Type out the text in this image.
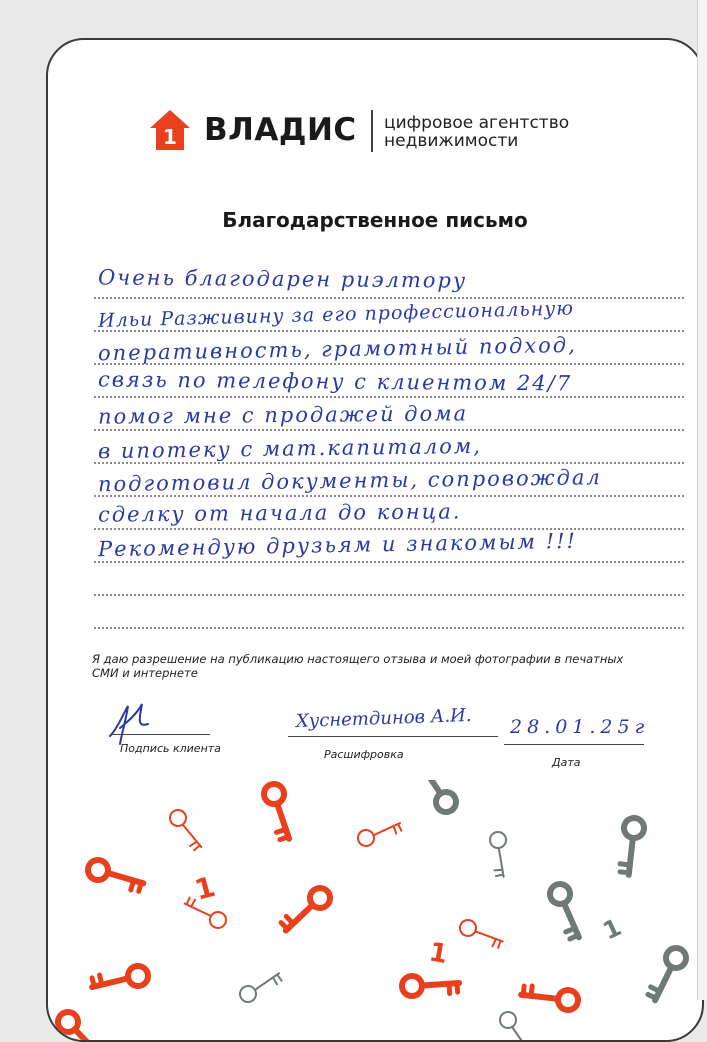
1 ВЛАДИС цифровое агентство
недвижимости
Благодарственное письмо
Очень благодарен риэлтору
Ильи Разживину за его профессиональную
оперативность, грамотный подход,
связь по телефону с клиентом 24/7
помог мне с продажей дома
в ипотеку с мат.капиталом,
подготовил документы, сопровождал
сделку от начала до конца.
Рекомендую друзьям и знакомым !!!
Я даю разрешение на публикацию настоящего отзыва и моей фотографии в печатных СМИ и интернете
Подпись клиента
Хуснетдинов А.И.
Расшифровка
28.01.25г
Дата
1
1
1
